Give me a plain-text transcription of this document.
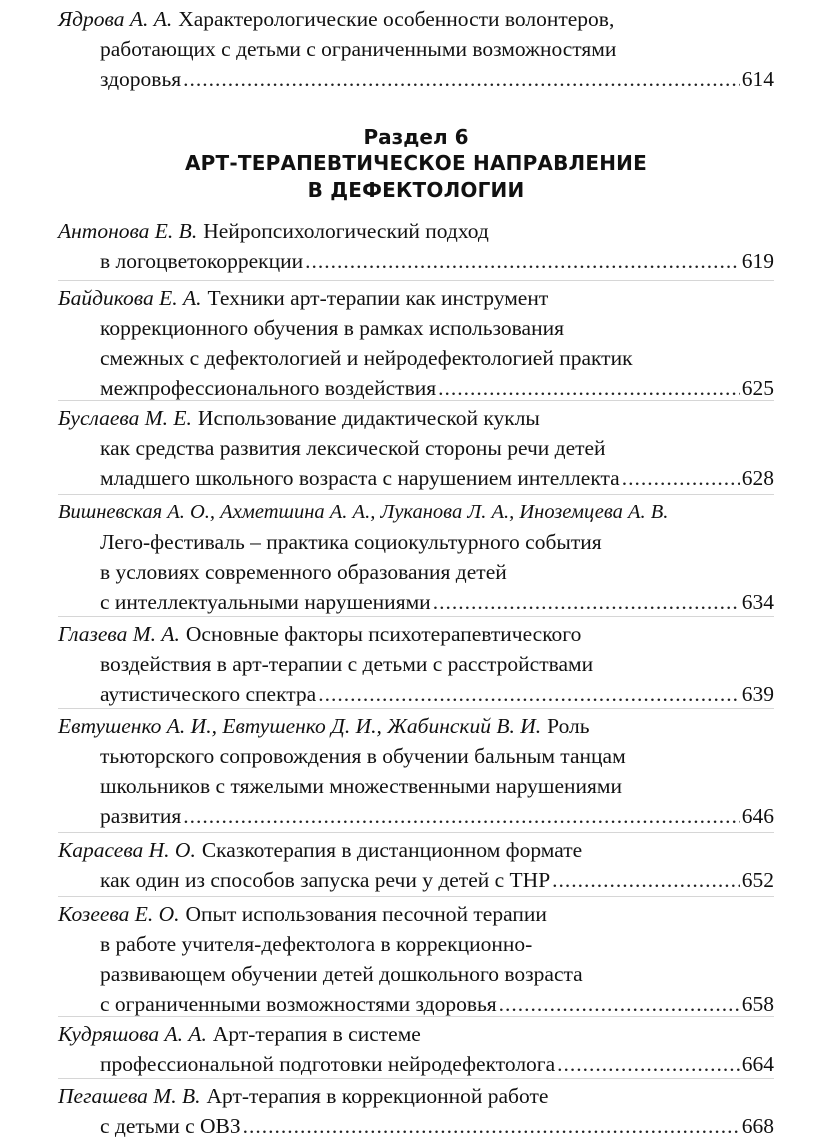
Ядрова А. А. Характерологические особенности волонтеров,
работающих с детьми с ограниченными возможностями
здоровья .....	614
Раздел 6
АРТ-ТЕРАПЕВТИЧЕСКОЕ НАПРАВЛЕНИЕ
В ДЕФЕКТОЛОГИИ
Антонова Е. В. Нейропсихологический подход
в логоцветокоррекции .....	619
Байдикова Е. А. Техники арт-терапии как инструмент
коррекционного обучения в рамках использования
смежных с дефектологией и нейродефектологией практик
межпрофессионального воздействия .....	625
Буслаева М. Е. Использование дидактической куклы
как средства развития лексической стороны речи детей
младшего школьного возраста с нарушением интеллекта .....	628
Вишневская А. О., Ахметшина А. А., Луканова Л. А., Иноземцева А. В.
Лего-фестиваль – практика социокультурного события
в условиях современного образования детей
с интеллектуальными нарушениями .....	634
Глазева М. А. Основные факторы психотерапевтического
воздействия в арт-терапии с детьми с расстройствами
аутистического спектра .....	639
Евтушенко А. И., Евтушенко Д. И., Жабинский В. И. Роль
тьюторского сопровождения в обучении бальным танцам
школьников с тяжелыми множественными нарушениями
развития .....	646
Карасева Н. О. Сказкотерапия в дистанционном формате
как один из способов запуска речи у детей с ТНР .....	652
Козеева Е. О. Опыт использования песочной терапии
в работе учителя-дефектолога в коррекционно-
развивающем обучении детей дошкольного возраста
с ограниченными возможностями здоровья .....	658
Кудряшова А. А. Арт-терапия в системе
профессиональной подготовки нейродефектолога .....	664
Пегашева М. В. Арт-терапия в коррекционной работе
с детьми с ОВЗ .....	668
